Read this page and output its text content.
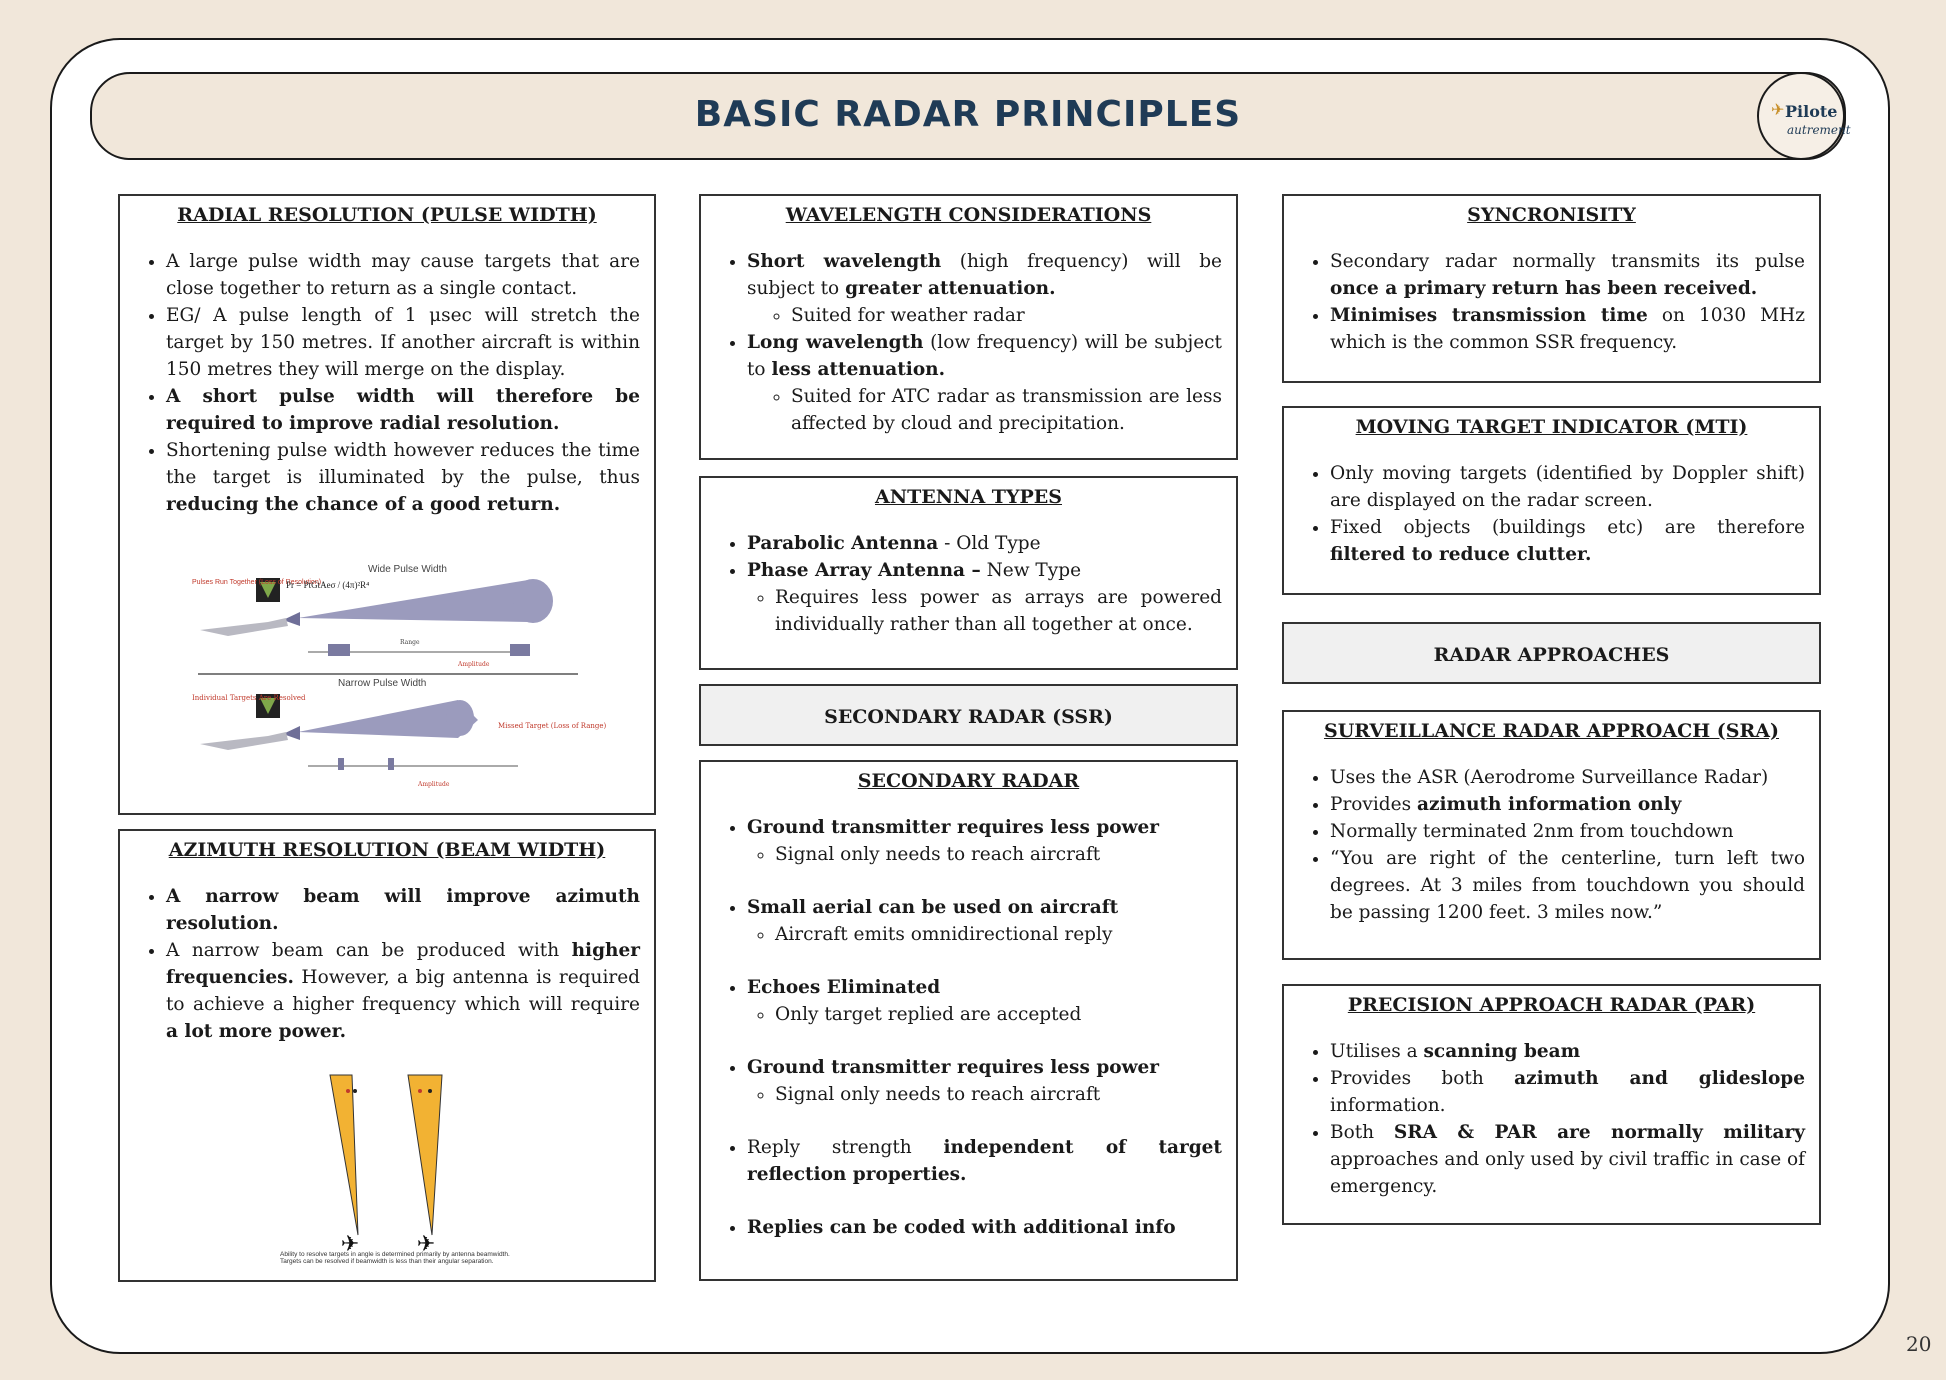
BASIC RADAR PRINCIPLES	✈ Pilote
autrement
RADIAL RESOLUTION (PULSE WIDTH)
• A large pulse width may cause targets that are close together to return as a single contact.
• EG/ A pulse length of 1 μsec will stretch the target by 150 metres. If another aircraft is within 150 metres they will merge on the display.
• A short pulse width will therefore be required to improve radial resolution.
• Shortening pulse width however reduces the time the target is illuminated by the pulse, thus reducing the chance of a good return.
Wide Pulse Width
Pulses Run Together (Loss of Resolution)
Pr = PtGtAeσ / (4π)²R⁴
Range
Amplitude
Narrow Pulse Width
Individual Targets Are Resolved
Missed Target (Loss of Range)
Amplitude
AZIMUTH RESOLUTION (BEAM WIDTH)
• A narrow beam will improve azimuth resolution.
• A narrow beam can be produced with higher frequencies. However, a big antenna is required to achieve a higher frequency which will require a lot more power.
✈	✈
Ability to resolve targets in angle is determined primarily by antenna beamwidth. Targets can be resolved if beamwidth is less than their angular separation.
WAVELENGTH CONSIDERATIONS
• Short wavelength (high frequency) will be subject to greater attenuation.
◦ Suited for weather radar
• Long wavelength (low frequency) will be subject to less attenuation.
◦ Suited for ATC radar as transmission are less affected by cloud and precipitation.
ANTENNA TYPES
• Parabolic Antenna - Old Type
• Phase Array Antenna – New Type
◦ Requires less power as arrays are powered individually rather than all together at once.
SECONDARY RADAR (SSR)
SECONDARY RADAR
• Ground transmitter requires less power
◦ Signal only needs to reach aircraft
• Small aerial can be used on aircraft
◦ Aircraft emits omnidirectional reply
• Echoes Eliminated
◦ Only target replied are accepted
• Ground transmitter requires less power
◦ Signal only needs to reach aircraft
• Reply strength independent of target reflection properties.
• Replies can be coded with additional info
SYNCRONISITY
• Secondary radar normally transmits its pulse once a primary return has been received.
• Minimises transmission time on 1030 MHz which is the common SSR frequency.
MOVING TARGET INDICATOR (MTI)
• Only moving targets (identified by Doppler shift) are displayed on the radar screen.
• Fixed objects (buildings etc) are therefore filtered to reduce clutter.
RADAR APPROACHES
SURVEILLANCE RADAR APPROACH (SRA)
• Uses the ASR (Aerodrome Surveillance Radar)
• Provides azimuth information only
• Normally terminated 2nm from touchdown
• “You are right of the centerline, turn left two degrees. At 3 miles from touchdown you should be passing 1200 feet. 3 miles now.”
PRECISION APPROACH RADAR (PAR)
• Utilises a scanning beam
• Provides both azimuth and glideslope information.
• Both SRA & PAR are normally military approaches and only used by civil traffic in case of emergency.
20
